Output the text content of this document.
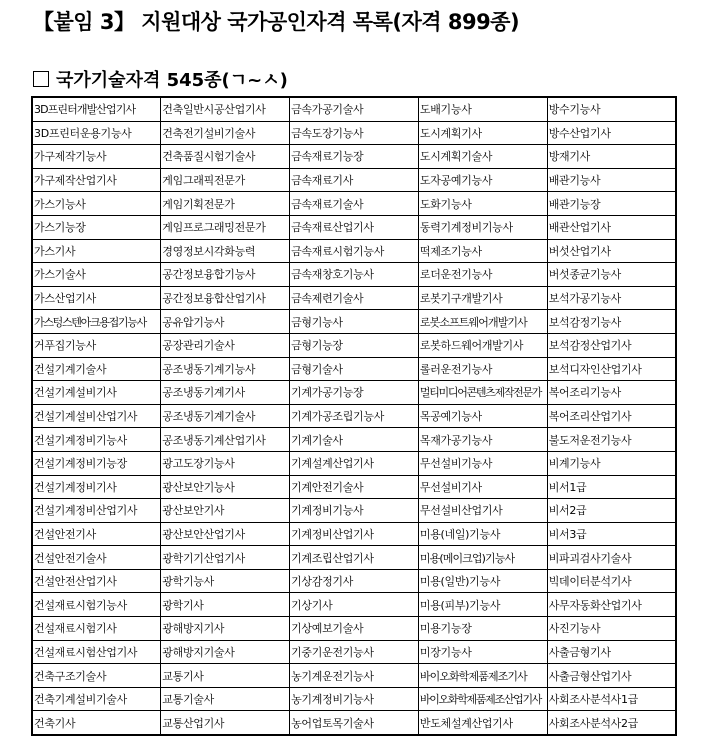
【붙임 3】 지원대상 국가공인자격 목록(자격 899종)
국가기술자격 545종(ㄱ~ㅅ)
3D프린터개발산업기사	건축일반시공산업기사	금속가공기술사	도배기능사	방수기능사
3D프린터운용기능사	건축전기설비기술사	금속도장기능사	도시계획기사	방수산업기사
가구제작기능사	건축품질시험기술사	금속재료기능장	도시계획기술사	방재기사
가구제작산업기사	게임그래픽전문가	금속재료기사	도자공예기능사	배관기능사
가스기능사	게임기획전문가	금속재료기술사	도화기능사	배관기능장
가스기능장	게임프로그래밍전문가	금속재료산업기사	동력기계정비기능사	배관산업기사
가스기사	경영정보시각화능력	금속재료시험기능사	떡제조기능사	버섯산업기사
가스기술사	공간정보융합기능사	금속재창호기능사	로더운전기능사	버섯종균기능사
가스산업기사	공간정보융합산업기사	금속제련기술사	로봇기구개발기사	보석가공기능사
가스텅스텐아크용접기능사	공유압기능사	금형기능사	로봇소프트웨어개발기사	보석감정기능사
거푸집기능사	공장관리기술사	금형기능장	로봇하드웨어개발기사	보석감정산업기사
건설기계기술사	공조냉동기계기능사	금형기술사	롤러운전기능사	보석디자인산업기사
건설기계설비기사	공조냉동기계기사	기계가공기능장	멀티미디어콘텐츠제작전문가	복어조리기능사
건설기계설비산업기사	공조냉동기계기술사	기계가공조립기능사	목공예기능사	복어조리산업기사
건설기계정비기능사	공조냉동기계산업기사	기계기술사	목재가공기능사	불도저운전기능사
건설기계정비기능장	광고도장기능사	기계설계산업기사	무선설비기능사	비계기능사
건설기계정비기사	광산보안기능사	기계안전기술사	무선설비기사	비서1급
건설기계정비산업기사	광산보안기사	기계정비기능사	무선설비산업기사	비서2급
건설안전기사	광산보안산업기사	기계정비산업기사	미용(네일)기능사	비서3급
건설안전기술사	광학기기산업기사	기계조립산업기사	미용(메이크업)기능사	비파괴검사기술사
건설안전산업기사	광학기능사	기상감정기사	미용(일반)기능사	빅데이터분석기사
건설재료시험기능사	광학기사	기상기사	미용(피부)기능사	사무자동화산업기사
건설재료시험기사	광해방지기사	기상예보기술사	미용기능장	사진기능사
건설재료시험산업기사	광해방지기술사	기중기운전기능사	미장기능사	사출금형기사
건축구조기술사	교통기사	농기계운전기능사	바이오화학제품제조기사	사출금형산업기사
건축기계설비기술사	교통기술사	농기계정비기능사	바이오화학제품제조산업기사	사회조사분석사1급
건축기사	교통산업기사	농어업토목기술사	반도체설계산업기사	사회조사분석사2급
